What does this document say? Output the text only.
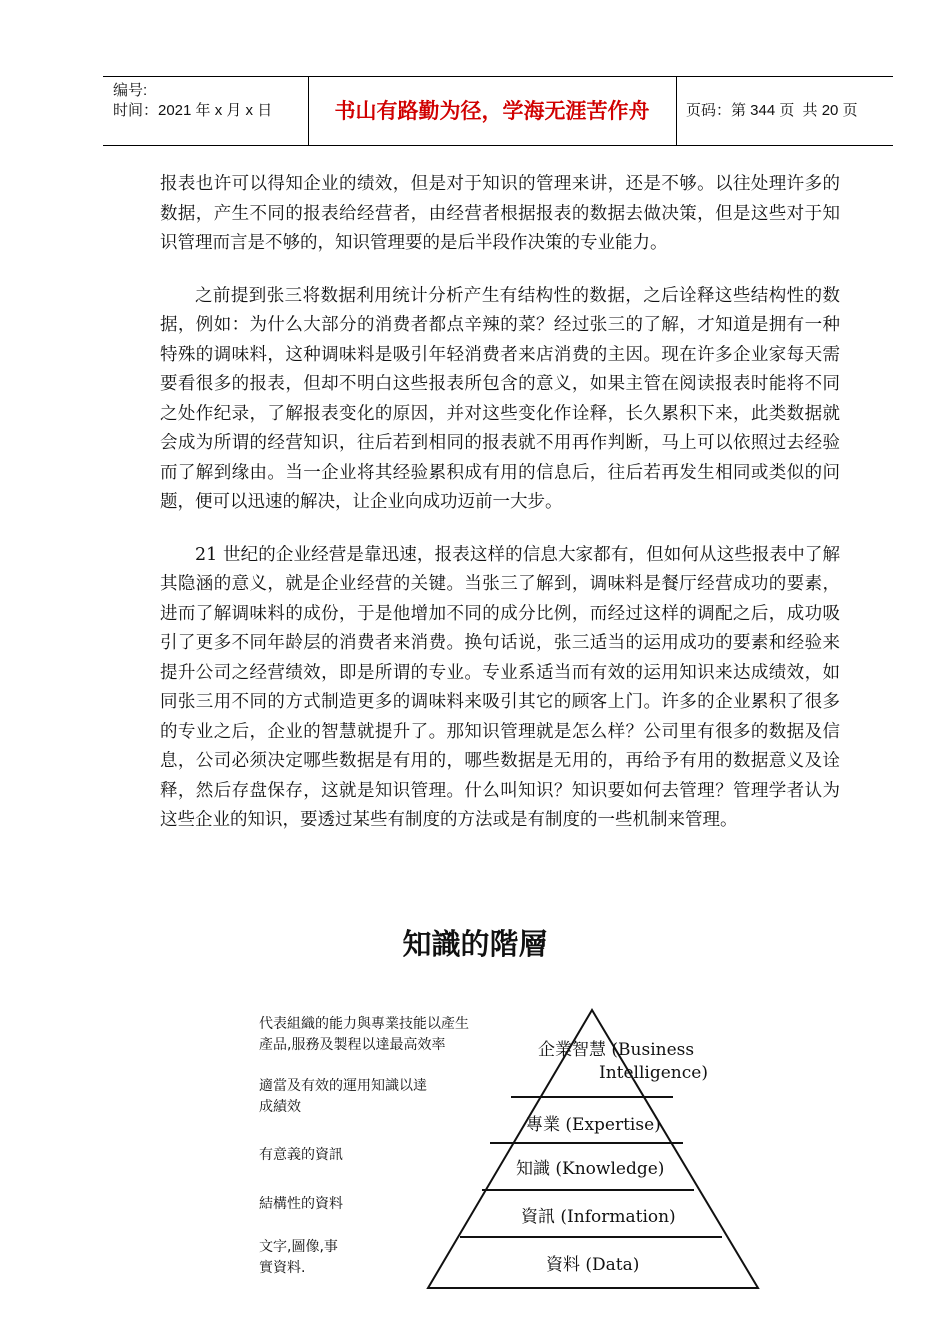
编号:
时间：2021 年 x 月 x 日	书山有路勤为径，学海无涯苦作舟	页码：第 344 页 共 20 页

报表也许可以得知企业的绩效，但是对于知识的管理来讲，还是不够。以往处理许多的数据，产生不同的报表给经营者，由经营者根据报表的数据去做决策，但是这些对于知识管理而言是不够的，知识管理要的是后半段作决策的专业能力。

之前提到张三将数据利用统计分析产生有结构性的数据，之后诠释这些结构性的数据，例如：为什么大部分的消费者都点辛辣的菜？经过张三的了解，才知道是拥有一种特殊的调味料，这种调味料是吸引年轻消费者来店消费的主因。现在许多企业家每天需要看很多的报表，但却不明白这些报表所包含的意义，如果主管在阅读报表时能将不同之处作纪录，了解报表变化的原因，并对这些变化作诠释，长久累积下来，此类数据就会成为所谓的经营知识，往后若到相同的报表就不用再作判断，马上可以依照过去经验而了解到缘由。当一企业将其经验累积成有用的信息后，往后若再发生相同或类似的问题，便可以迅速的解决，让企业向成功迈前一大步。

21 世纪的企业经营是靠迅速，报表这样的信息大家都有，但如何从这些报表中了解其隐涵的意义，就是企业经营的关键。当张三了解到，调味料是餐厅经营成功的要素，进而了解调味料的成份，于是他增加不同的成分比例，而经过这样的调配之后，成功吸引了更多不同年龄层的消费者来消费。换句话说，张三适当的运用成功的要素和经验来提升公司之经营绩效，即是所谓的专业。专业系适当而有效的运用知识来达成绩效，如同张三用不同的方式制造更多的调味料来吸引其它的顾客上门。许多的企业累积了很多的专业之后，企业的智慧就提升了。那知识管理就是怎么样？公司里有很多的数据及信息，公司必须决定哪些数据是有用的，哪些数据是无用的，再给予有用的数据意义及诠释，然后存盘保存，这就是知识管理。什么叫知识？知识要如何去管理？管理学者认为这些企业的知识，要透过某些有制度的方法或是有制度的一些机制来管理。

知識的階層
代表組織的能力與專業技能以產生
產品,服務及製程以達最高效率
適當及有效的運用知識以達
成績效
有意義的資訊
結構性的資料
文字,圖像,事
實資料.
企業智慧 (Business
Intelligence)
專業 (Expertise)
知識 (Knowledge)
資訊 (Information)
資料 (Data)
